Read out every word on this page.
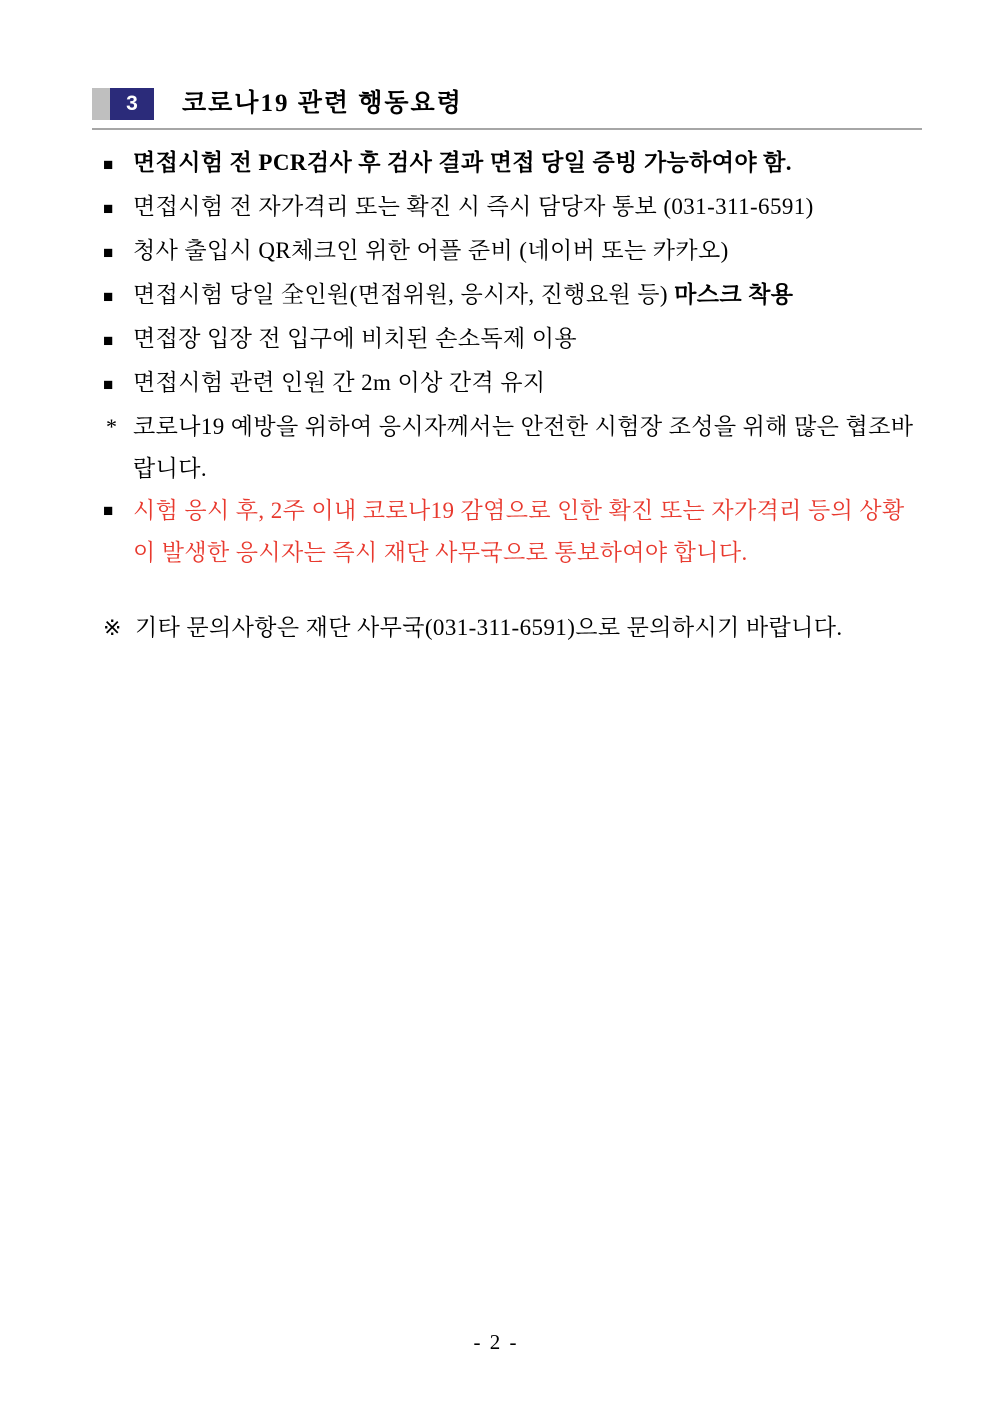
3	코로나19 관련 행동요령
■ 면접시험 전 PCR검사 후 검사 결과 면접 당일 증빙 가능하여야 함.
■ 면접시험 전 자가격리 또는 확진 시 즉시 담당자 통보 (031-311-6591)
■ 청사 출입시 QR체크인 위한 어플 준비 (네이버 또는 카카오)
■ 면접시험 당일 全인원(면접위원, 응시자, 진행요원 등) 마스크 착용
■ 면접장 입장 전 입구에 비치된 손소독제 이용
■ 면접시험 관련 인원 간 2m 이상 간격 유지
* 코로나19 예방을 위하여 응시자께서는 안전한 시험장 조성을 위해 많은 협조바랍니다.
■ 시험 응시 후, 2주 이내 코로나19 감염으로 인한 확진 또는 자가격리 등의 상황이 발생한 응시자는 즉시 재단 사무국으로 통보하여야 합니다.
※ 기타 문의사항은 재단 사무국(031-311-6591)으로 문의하시기 바랍니다.
- 2 -
